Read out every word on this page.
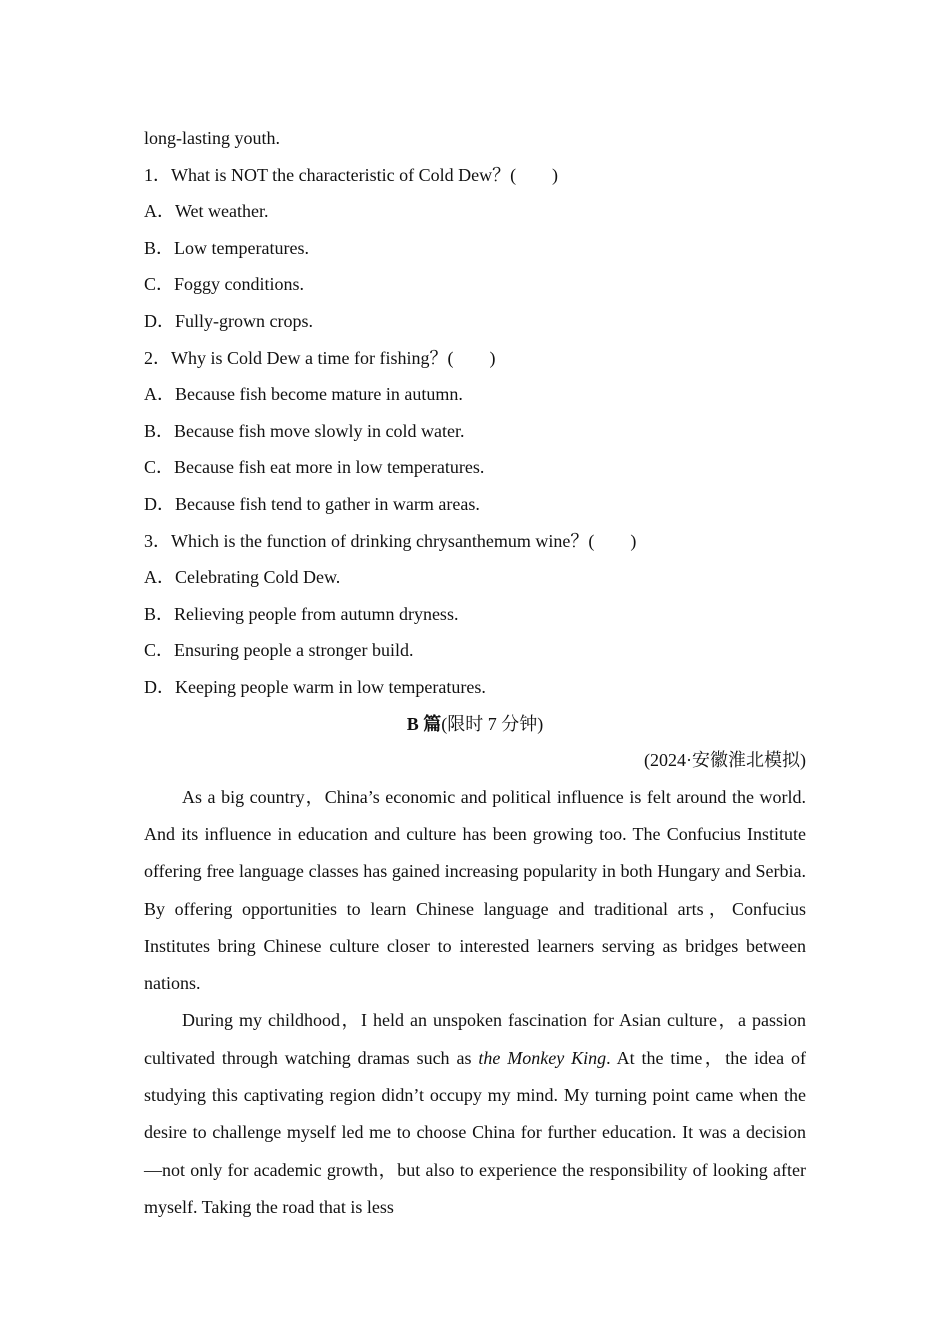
long-lasting youth.
1．What is NOT the characteristic of Cold Dew？(　　)
A．Wet weather.
B．Low temperatures.
C．Foggy conditions.
D．Fully-grown crops.
2．Why is Cold Dew a time for fishing？(　　)
A．Because fish become mature in autumn.
B．Because fish move slowly in cold water.
C．Because fish eat more in low temperatures.
D．Because fish tend to gather in warm areas.
3．Which is the function of drinking chrysanthemum wine？(　　)
A．Celebrating Cold Dew.
B．Relieving people from autumn dryness.
C．Ensuring people a stronger build.
D．Keeping people warm in low temperatures.
B 篇(限时 7 分钟)
(2024·安徽淮北模拟)

As a big country，China’s economic and political influence is felt around the world. And its influence in education and culture has been growing too. The Confucius Institute offering free language classes has gained increasing popularity in both Hungary and Serbia. By offering opportunities to learn Chinese language and traditional arts，Confucius Institutes bring Chinese culture closer to interested learners serving as bridges between nations.

During my childhood，I held an unspoken fascination for Asian culture，a passion cultivated through watching dramas such as the Monkey King. At the time，the idea of studying this captivating region didn’t occupy my mind. My turning point came when the desire to challenge myself led me to choose China for further education. It was a decision—not only for academic growth，but also to experience the responsibility of looking after myself. Taking the road that is less
